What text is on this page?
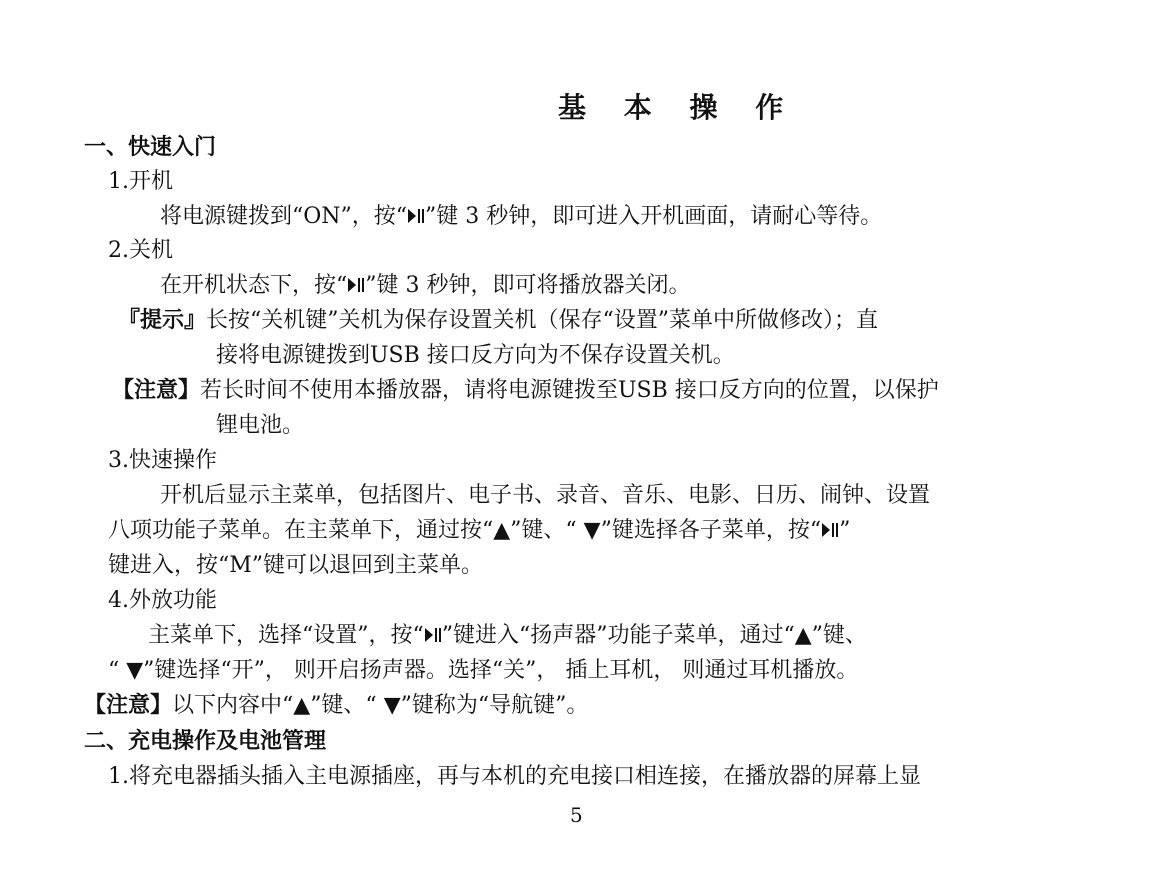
基 本 操 作
一、快速入门
1.开机
将电源键拨到“ON”，按“ ”键 3 秒钟，即可进入开机画面，请耐心等待。
2.关机
在开机状态下，按“ ”键 3 秒钟，即可将播放器关闭。
『提示』长按“关机键”关机为保存设置关机（保存“设置”菜单中所做修改）；直
接将电源键拨到USB 接口反方向为不保存设置关机。
【注意】若长时间不使用本播放器，请将电源键拨至USB 接口反方向的位置，以保护
锂电池。
3.快速操作
开机后显示主菜单，包括图片、电子书、录音、音乐、电影、日历、闹钟、设置
八项功能子菜单。在主菜单下，通过按“▲”键、“ ▼”键选择各子菜单，按“ ”
键进入，按“M”键可以退回到主菜单。
4.外放功能
主菜单下，选择“设置”，按“ ”键进入“扬声器”功能子菜单，通过“▲”键、
“ ▼”键选择“开”， 则开启扬声器。选择“关”， 插上耳机， 则通过耳机播放。
【注意】以下内容中“▲”键、“ ▼”键称为“导航键”。
二、充电操作及电池管理
1.将充电器插头插入主电源插座，再与本机的充电接口相连接，在播放器的屏幕上显
5
